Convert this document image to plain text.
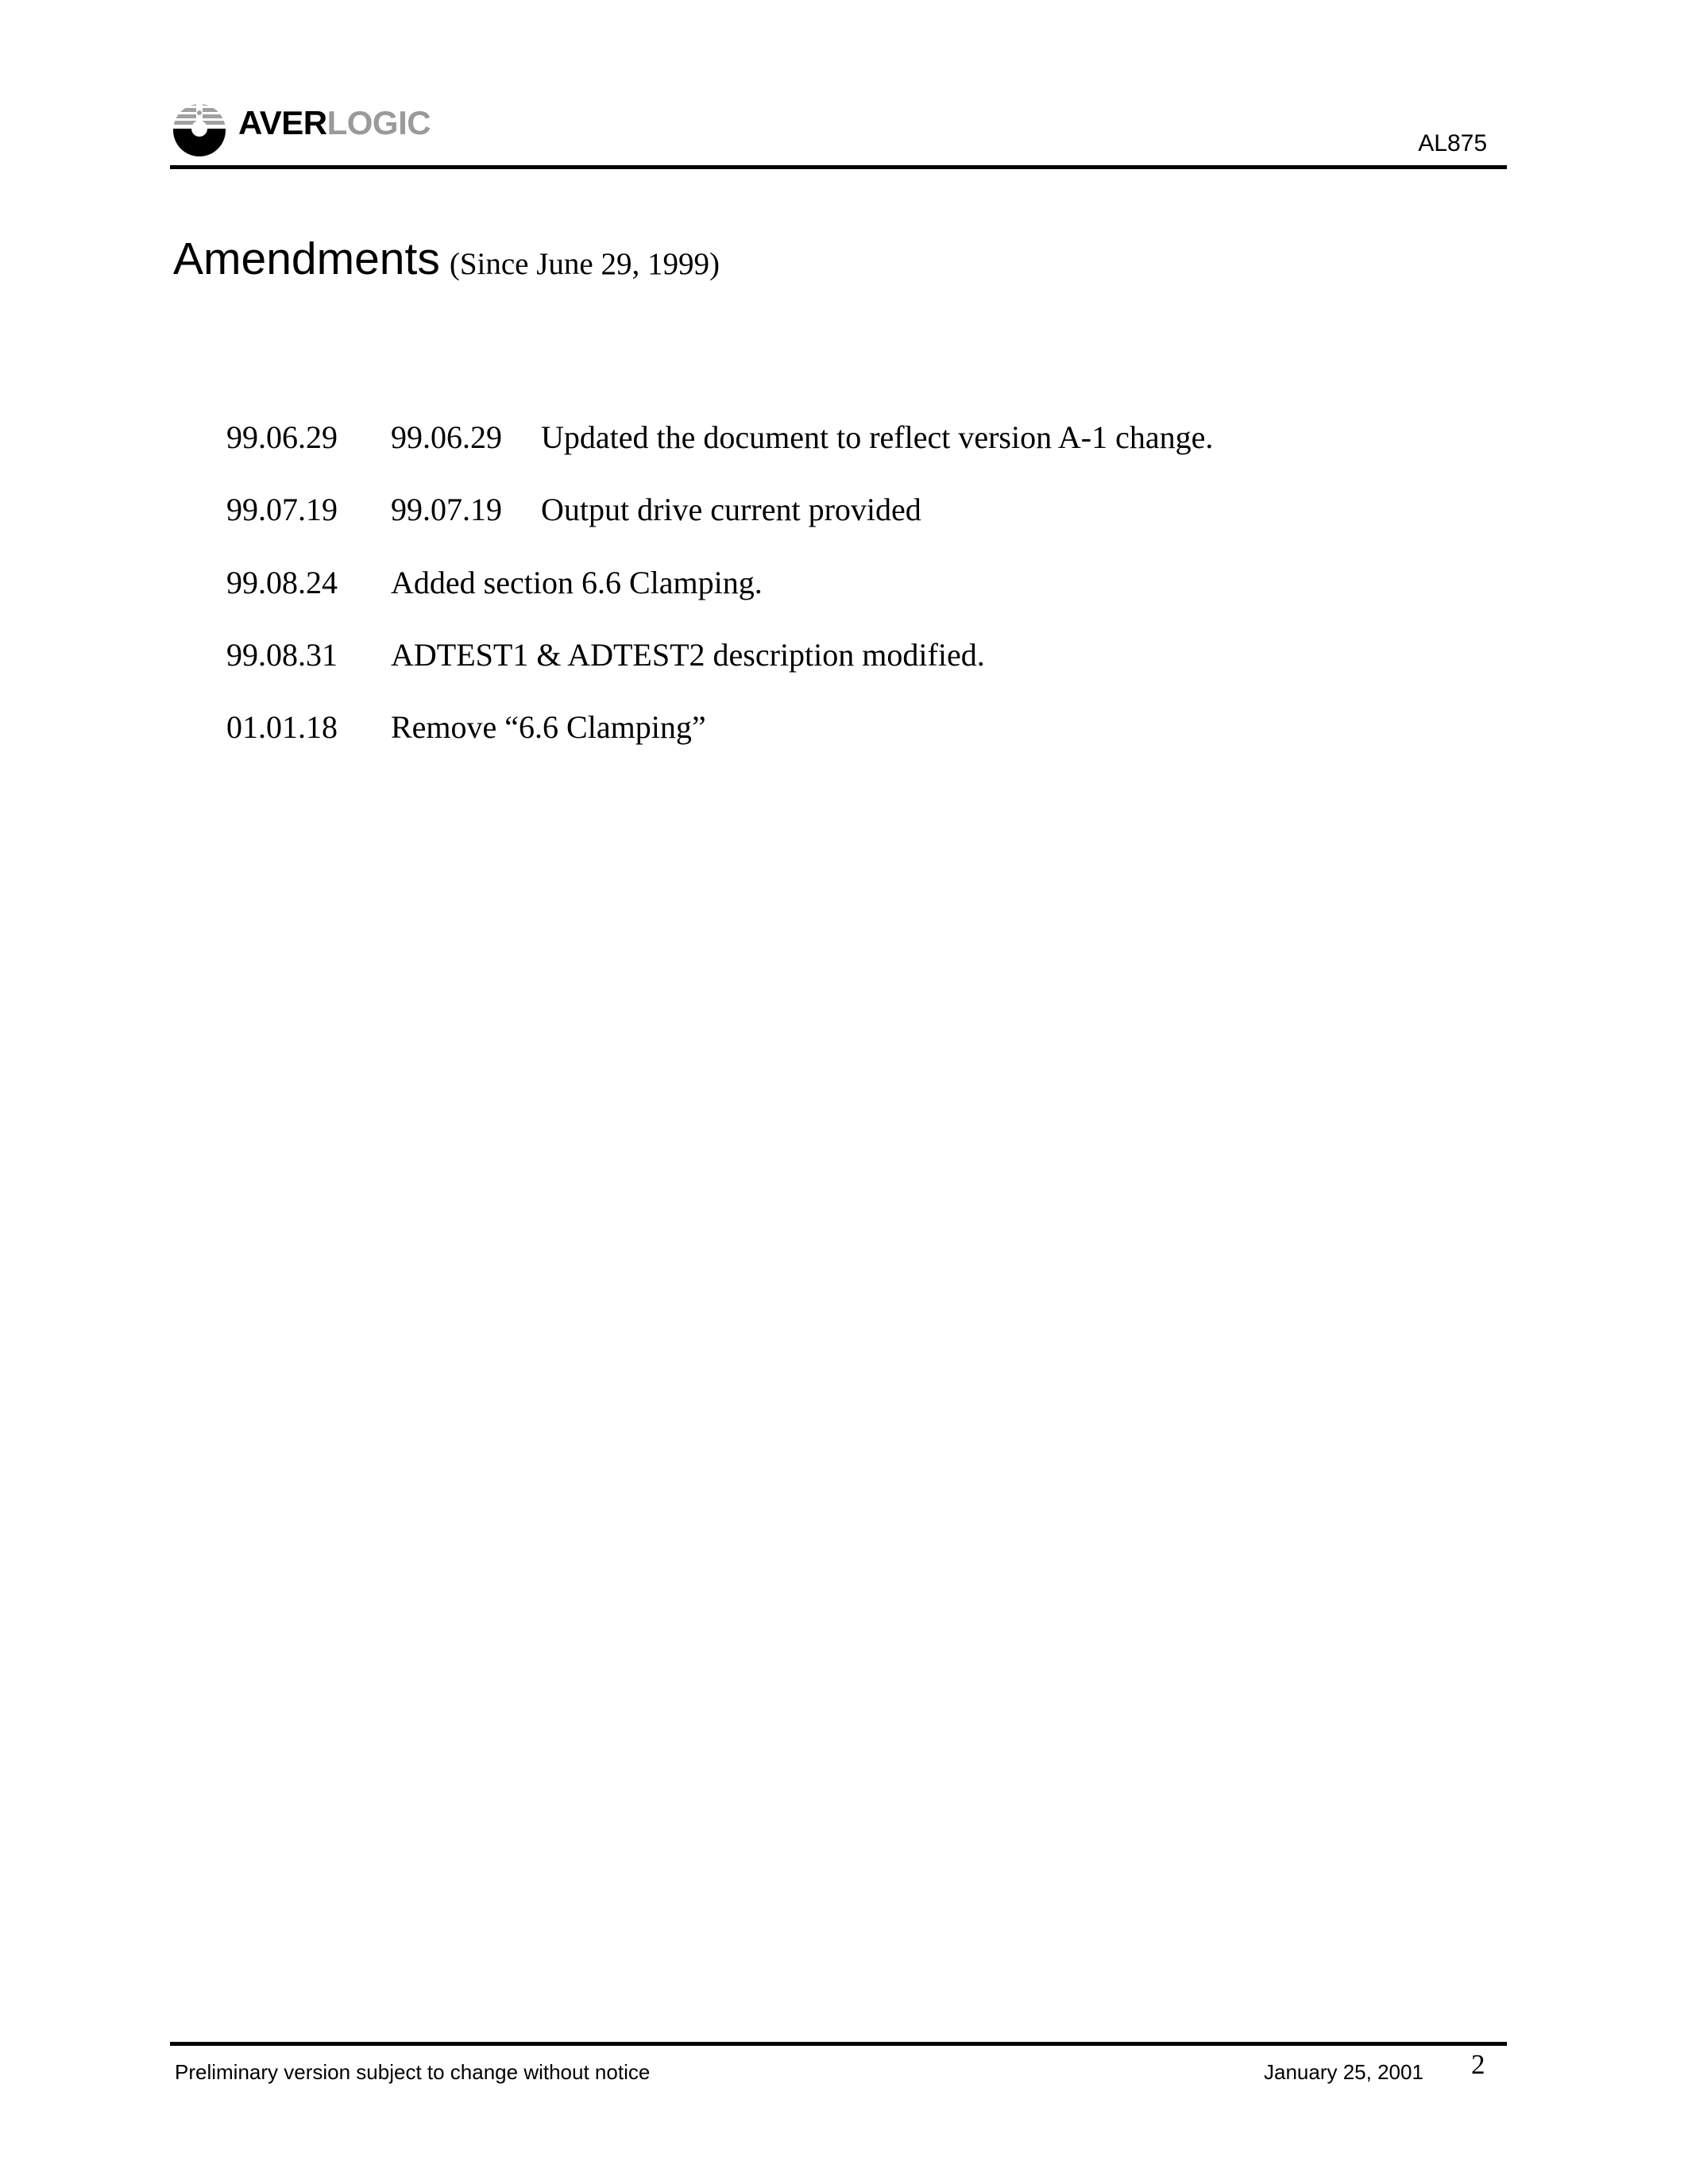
AVERLOGIC
AL875
Amendments (Since June 29, 1999)
99.06.29 99.06.29 Updated the document to reflect version A-1 change.
99.07.19 99.07.19 Output drive current provided
99.08.24 Added section 6.6 Clamping.
99.08.31 ADTEST1 & ADTEST2 description modified.
01.01.18 Remove “6.6 Clamping”
Preliminary version subject to change without notice	January 25, 2001 2
